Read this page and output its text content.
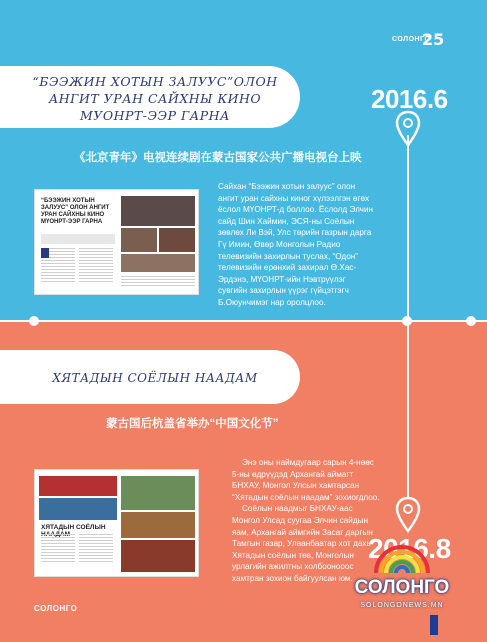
СОЛОНГО
25
“БЭЭЖИН ХОТЫН ЗАЛУУС”ОЛОН АНГИТ УРАН САЙХНЫ КИНО МУОНРТ-ЭЭР ГАРНА
2016.6
《北京青年》电视连续剧在蒙古国家公共广播电视台上映
“БЭЭЖИН ХОТЫН ЗАЛУУС” ОЛОН АНГИТ УРАН САЙХНЫ КИНО МҮОНРТ-ЭЭР ГАРНА
Сайхан “Бээжин хотын залуус” олон ангит уран сайхны киног хүлээлгэн өгөх ёслол МҮОНРТ-д боллоо. Ёслолд Элчин сайд Шин Хаймин, ЭСЯ-ны Соёлын зөвлөх Ли Вэй, Улс төрийн газрын дарга Гү Имин, Өвөр Монголын Радио телевизийн захирлын туслах, “Одон” телевизийн ерөнхий захирал Ө.Хас-Эрдэнэ, МҮОНРТ-ийн Нэвтрүүлэг сувгийн захирлын үүрэг гүйцэтгэгч Б.Оюунчимэг нар оролцлоо.
ХЯТАДЫН СОЁЛЫН НААДАМ
蒙古国后杭盖省举办“中国文化节”
ХЯТАДЫН СОЁЛЫН
Энэ оны наймдугаар сарын 4-нөөс 5-ны өдрүүдэд Архангай аймагт БНХАУ, Монгол Улсын хамтарсан “Хятадын соёлын наадам” зохиогдлоо.
Соёлын наадмыг БНХАУ-аас Монгол Улсад суугаа Элчин сайдын яам, Архангай аймгийн Засаг даргын Тамгын газар, Улаанбаатар хот дахь Хятадын соёлын төв, Монголын урлагийн ажилтны холбоонооос хамтран зохион байгуулсан юм.
2016.8
СОЛОНГО
СОЛОНГО
SOLONGONEWS.MN
